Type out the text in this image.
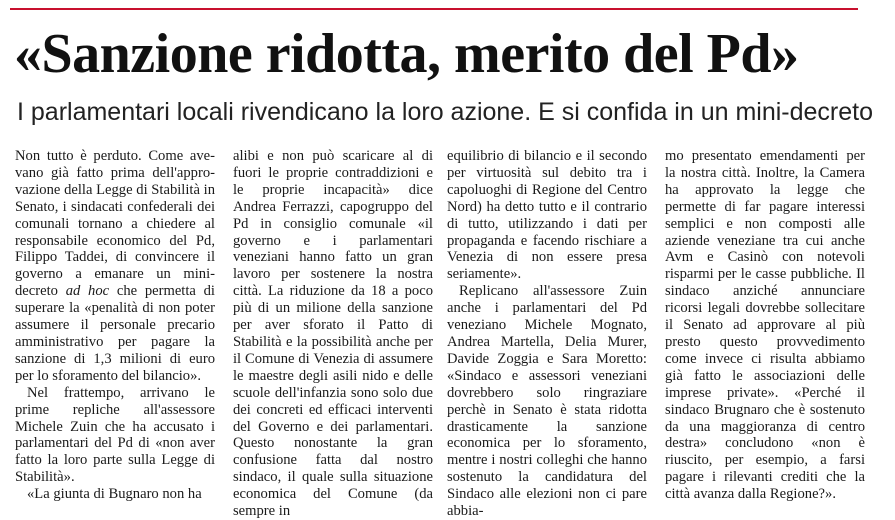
«Sanzione ridotta, merito del Pd»
I parlamentari locali rivendicano la loro azione. E si confida in un mini-decreto

Non tutto è perduto. Come avevano già fatto prima dell'approvazione della Legge di Stabilità in Senato, i sindacati confederali dei comunali tornano a chiedere al responsabile economico del Pd, Filippo Taddei, di convincere il governo a emanare un mini-decreto ad hoc che permetta di superare la «penalità di non poter assumere il personale precario amministrativo per pagare la sanzione di 1,3 milioni di euro per lo sforamento del bilancio».

Nel frattempo, arrivano le prime repliche all'assessore Michele Zuin che ha accusato i parlamentari del Pd di «non aver fatto la loro parte sulla Legge di Stabilità».

«La giunta di Bugnaro non ha

alibi e non può scaricare al di fuori le proprie contraddizioni e le proprie incapacità» dice Andrea Ferrazzi, capogruppo del Pd in consiglio comunale «il governo e i parlamentari veneziani hanno fatto un gran lavoro per sostenere la nostra città. La riduzione da 18 a poco più di un milione della sanzione per aver sforato il Patto di Stabilità e la possibilità anche per il Comune di Venezia di assumere le maestre degli asili nido e delle scuole dell'infanzia sono solo due dei concreti ed efficaci interventi del Governo e dei parlamentari. Questo nonostante la gran confusione fatta dal nostro sindaco, il quale sulla situazione economica del Comune (da sempre in

equilibrio di bilancio e il secondo per virtuosità sul debito tra i capoluoghi di Regione del Centro Nord) ha detto tutto e il contrario di tutto, utilizzando i dati per propaganda e facendo rischiare a Venezia di non essere presa seriamente».

Replicano all'assessore Zuin anche i parlamentari del Pd veneziano Michele Mognato, Andrea Martella, Delia Murer, Davide Zoggia e Sara Moretto: «Sindaco e assessori veneziani dovrebbero solo ringraziare perchè in Senato è stata ridotta drasticamente la sanzione economica per lo sforamento, mentre i nostri colleghi che hanno sostenuto la candidatura del Sindaco alle elezioni non ci pare abbia-

mo presentato emendamenti per la nostra città. Inoltre, la Camera ha approvato la legge che permette di far pagare interessi semplici e non composti alle aziende veneziane tra cui anche Avm e Casinò con notevoli risparmi per le casse pubbliche. Il sindaco anziché annunciare ricorsi legali dovrebbe sollecitare il Senato ad approvare al più presto questo provvedimento come invece ci risulta abbiamo già fatto le associazioni delle imprese private». «Perché il sindaco Brugnaro che è sostenuto da una maggioranza di centro destra» concludono «non è riuscito, per esempio, a farsi pagare i rilevanti crediti che la città avanza dalla Regione?».
